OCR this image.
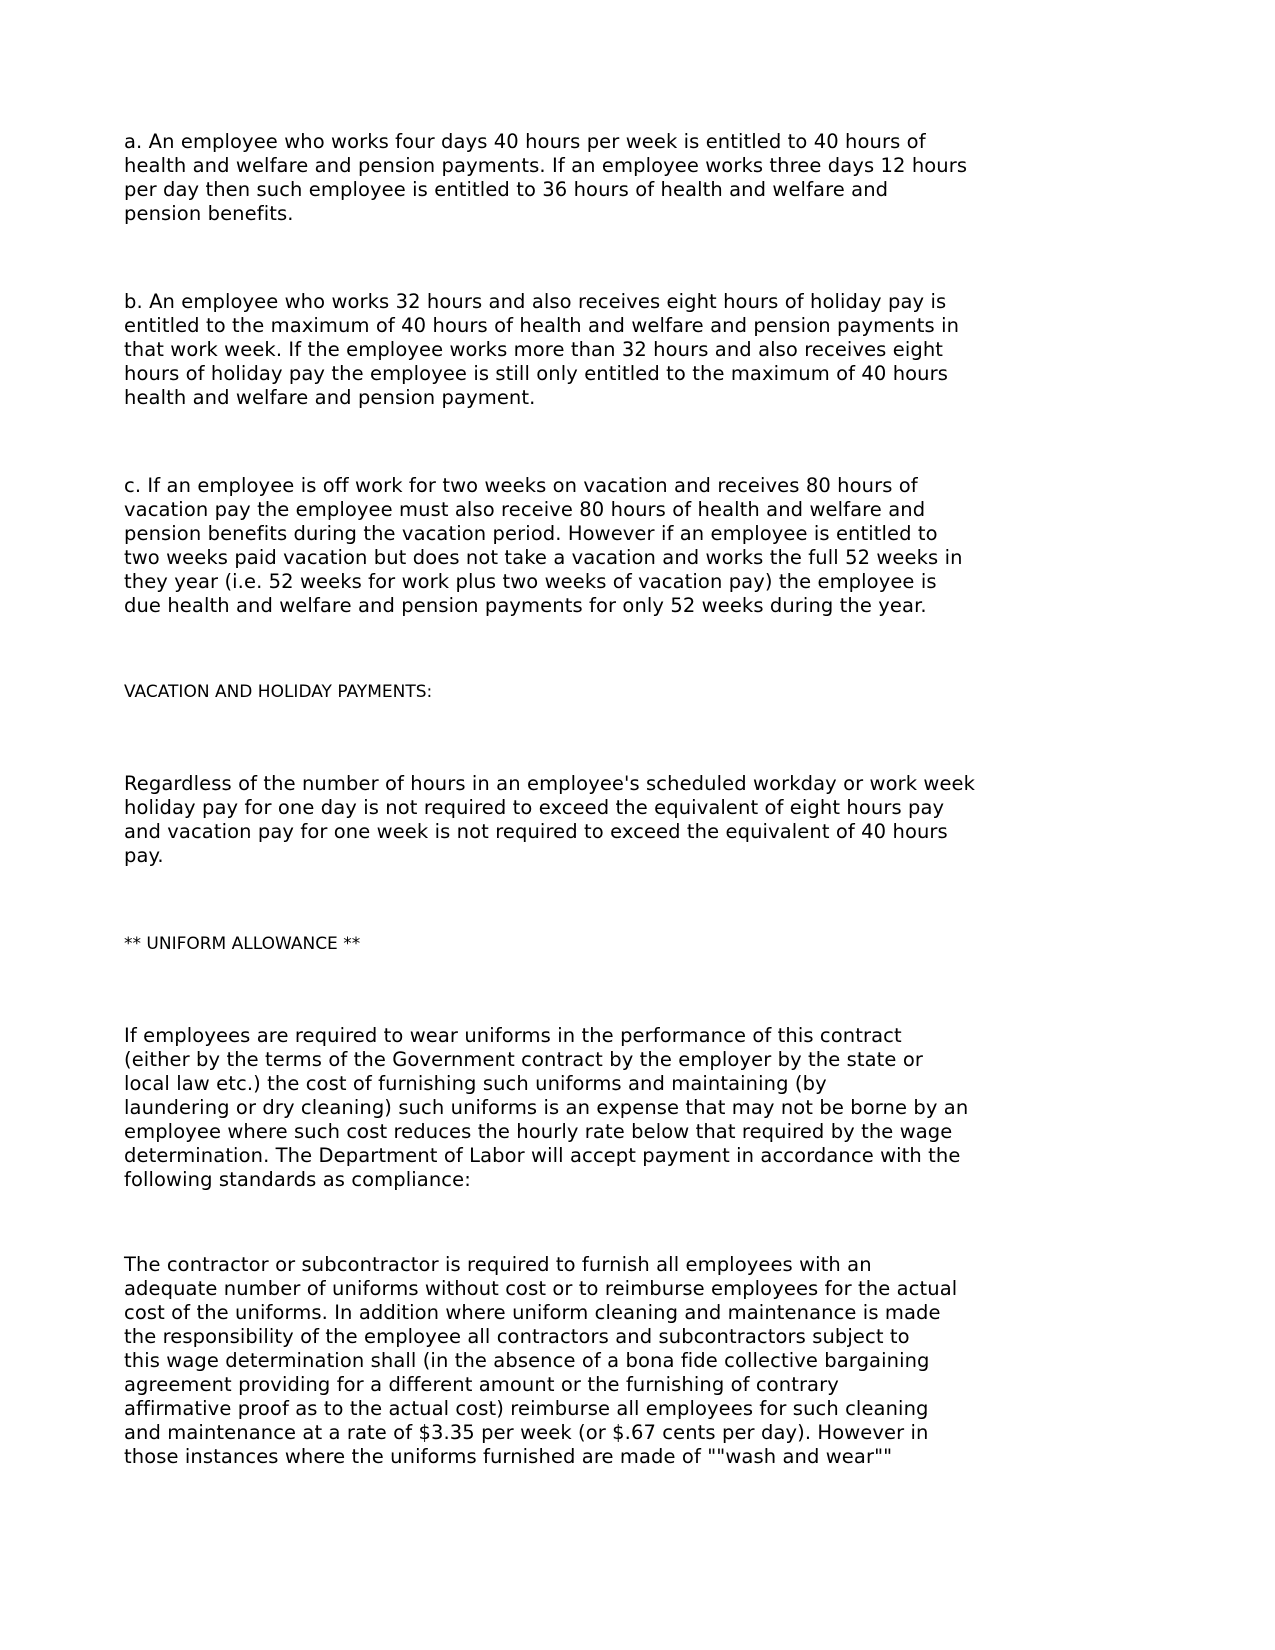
a. An employee who works four days 40 hours per week is entitled to 40 hours of
health and welfare and pension payments. If an employee works three days 12 hours
per day then such employee is entitled to 36 hours of health and welfare and
pension benefits.

b. An employee who works 32 hours and also receives eight hours of holiday pay is
entitled to the maximum of 40 hours of health and welfare and pension payments in
that work week. If the employee works more than 32 hours and also receives eight
hours of holiday pay the employee is still only entitled to the maximum of 40 hours
health and welfare and pension payment.

c. If an employee is off work for two weeks on vacation and receives 80 hours of
vacation pay the employee must also receive 80 hours of health and welfare and
pension benefits during the vacation period. However if an employee is entitled to
two weeks paid vacation but does not take a vacation and works the full 52 weeks in
they year (i.e. 52 weeks for work plus two weeks of vacation pay) the employee is
due health and welfare and pension payments for only 52 weeks during the year.

VACATION AND HOLIDAY PAYMENTS:

Regardless of the number of hours in an employee's scheduled workday or work week
holiday pay for one day is not required to exceed the equivalent of eight hours pay
and vacation pay for one week is not required to exceed the equivalent of 40 hours
pay.

** UNIFORM ALLOWANCE **

If employees are required to wear uniforms in the performance of this contract
(either by the terms of the Government contract by the employer by the state or
local law etc.) the cost of furnishing such uniforms and maintaining (by
laundering or dry cleaning) such uniforms is an expense that may not be borne by an
employee where such cost reduces the hourly rate below that required by the wage
determination. The Department of Labor will accept payment in accordance with the
following standards as compliance:

The contractor or subcontractor is required to furnish all employees with an
adequate number of uniforms without cost or to reimburse employees for the actual
cost of the uniforms. In addition where uniform cleaning and maintenance is made
the responsibility of the employee all contractors and subcontractors subject to
this wage determination shall (in the absence of a bona fide collective bargaining
agreement providing for a different amount or the furnishing of contrary
affirmative proof as to the actual cost) reimburse all employees for such cleaning
and maintenance at a rate of $3.35 per week (or $.67 cents per day). However in
those instances where the uniforms furnished are made of ""wash and wear""
